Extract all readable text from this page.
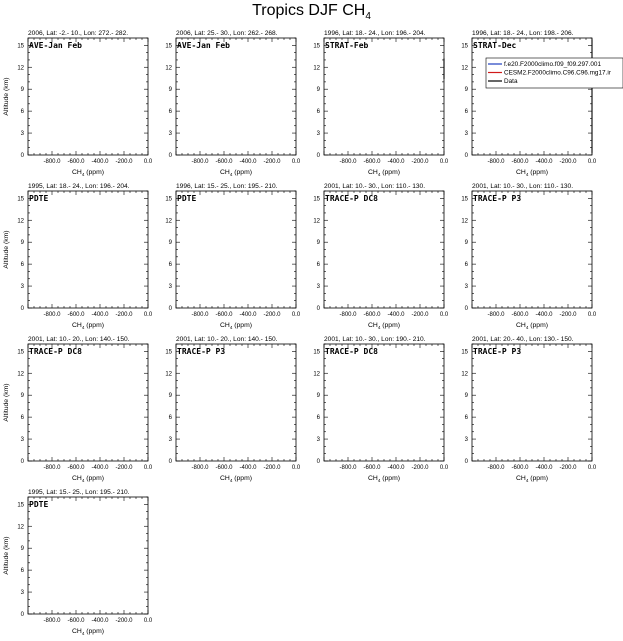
Tropics DJF $CH_4$
2006, Lat: -2.- 10., Lon: 272.- 282.
-800.0 -600.0 -400.0 -200.0 0.0
0
3
6
9
12
15
$CH_4$ (ppm)
Altitude (km)
AVE-Jan Feb
2006, Lat: 25.- 30., Lon: 262.- 268.
-800.0 -600.0 -400.0 -200.0 0.0
0
3
6
9
12
15
$CH_4$ (ppm)
AVE-Jan Feb
1996, Lat: 18.- 24., Lon: 196.- 204.
-800.0 -600.0 -400.0 -200.0 0.0
0
3
6
9
12
15
$CH_4$ (ppm)
STRAT-Feb
1996, Lat: 18.- 24., Lon: 198.- 206.
-800.0 -600.0 -400.0 -200.0 0.0
0
3
6
9
12
15
$CH_4$ (ppm)
STRAT-Dec
1995, Lat: 18.- 24., Lon: 196.- 204.
-800.0 -600.0 -400.0 -200.0 0.0
0
3
6
9
12
15
$CH_4$ (ppm)
Altitude (km)
PDTE
1996, Lat: 15.- 25., Lon: 195.- 210.
-800.0 -600.0 -400.0 -200.0 0.0
0
3
6
9
12
15
$CH_4$ (ppm)
PDTE
2001, Lat: 10.- 30., Lon: 110.- 130.
-800.0 -600.0 -400.0 -200.0 0.0
0
3
6
9
12
15
$CH_4$ (ppm)
TRACE-P DC8
2001, Lat: 10.- 30., Lon: 110.- 130.
-800.0 -600.0 -400.0 -200.0 0.0
0
3
6
9
12
15
$CH_4$ (ppm)
TRACE-P P3
2001, Lat: 10.- 20., Lon: 140.- 150.
-800.0 -600.0 -400.0 -200.0 0.0
0
3
6
9
12
15
$CH_4$ (ppm)
Altitude (km)
TRACE-P DC8
2001, Lat: 10.- 20., Lon: 140.- 150.
-800.0 -600.0 -400.0 -200.0 0.0
0
3
6
9
12
15
$CH_4$ (ppm)
TRACE-P P3
2001, Lat: 10.- 30., Lon: 190.- 210.
-800.0 -600.0 -400.0 -200.0 0.0
0
3
6
9
12
15
$CH_4$ (ppm)
TRACE-P DC8
2001, Lat: 20.- 40., Lon: 130.- 150.
-800.0 -600.0 -400.0 -200.0 0.0
0
3
6
9
12
15
$CH_4$ (ppm)
TRACE-P P3
1995, Lat: 15.- 25., Lon: 195.- 210.
-800.0 -600.0 -400.0 -200.0 0.0
0
3
6
9
12
15
$CH_4$ (ppm)
Altitude (km)
PDTE
f.e20.F2000climo.f09_f09.297.001
CESM2.F2000climo.C96.C96.mg17.ir
Data
